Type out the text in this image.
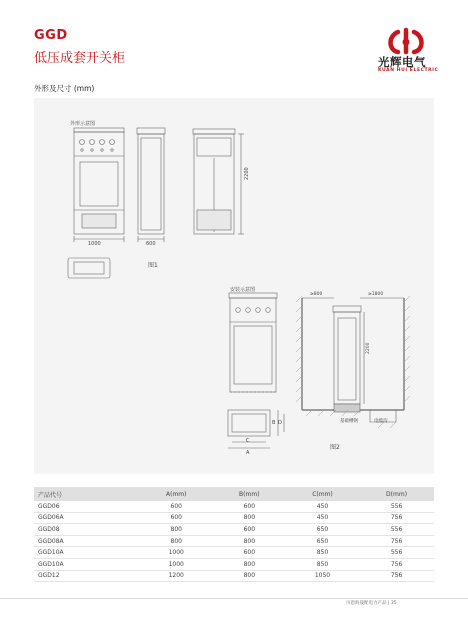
GGD
低压成套开关柜	光辉电气
KUAN HUI ELECTRIC
外形及尺寸 (mm)
外形示意图
1000	600
2200
图1
安装示意图
≥800	≥1800
2200
基础槽钢	电缆沟
A
B
C
D
图2
产品代号	A(mm)	B(mm)	C(mm)	D(mm)
GGD06	600	600	450	556
GGD06A	600	800	450	756
GGD08	800	600	650	556
GGD08A	800	800	650	756
GGD10A	1000	600	850	556
GGD10A	1000	800	850	756
GGD12	1200	800	1050	756
川恩海晟配电力产品 | 35
